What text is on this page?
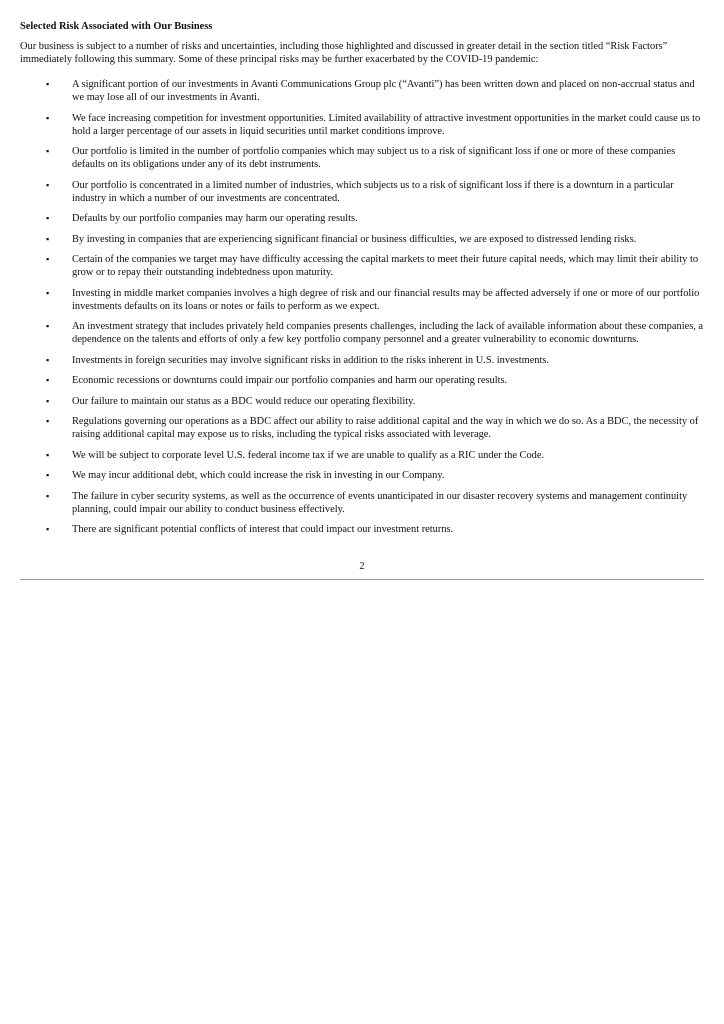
Selected Risk Associated with Our Business

Our business is subject to a number of risks and uncertainties, including those highlighted and discussed in greater detail in the section titled “Risk Factors” immediately following this summary. Some of these principal risks may be further exacerbated by the COVID-19 pandemic:

▪ A significant portion of our investments in Avanti Communications Group plc (“Avanti”) has been written down and placed on non-accrual status and we may lose all of our investments in Avanti.
▪ We face increasing competition for investment opportunities. Limited availability of attractive investment opportunities in the market could cause us to hold a larger percentage of our assets in liquid securities until market conditions improve.
▪ Our portfolio is limited in the number of portfolio companies which may subject us to a risk of significant loss if one or more of these companies defaults on its obligations under any of its debt instruments.
▪ Our portfolio is concentrated in a limited number of industries, which subjects us to a risk of significant loss if there is a downturn in a particular industry in which a number of our investments are concentrated.
▪ Defaults by our portfolio companies may harm our operating results.
▪ By investing in companies that are experiencing significant financial or business difficulties, we are exposed to distressed lending risks.
▪ Certain of the companies we target may have difficulty accessing the capital markets to meet their future capital needs, which may limit their ability to grow or to repay their outstanding indebtedness upon maturity.
▪ Investing in middle market companies involves a high degree of risk and our financial results may be affected adversely if one or more of our portfolio investments defaults on its loans or notes or fails to perform as we expect.
▪ An investment strategy that includes privately held companies presents challenges, including the lack of available information about these companies, a dependence on the talents and efforts of only a few key portfolio company personnel and a greater vulnerability to economic downturns.
▪ Investments in foreign securities may involve significant risks in addition to the risks inherent in U.S. investments.
▪ Economic recessions or downturns could impair our portfolio companies and harm our operating results.
▪ Our failure to maintain our status as a BDC would reduce our operating flexibility.
▪ Regulations governing our operations as a BDC affect our ability to raise additional capital and the way in which we do so. As a BDC, the necessity of raising additional capital may expose us to risks, including the typical risks associated with leverage.
▪ We will be subject to corporate level U.S. federal income tax if we are unable to qualify as a RIC under the Code.
▪ We may incur additional debt, which could increase the risk in investing in our Company.
▪ The failure in cyber security systems, as well as the occurrence of events unanticipated in our disaster recovery systems and management continuity planning, could impair our ability to conduct business effectively.
▪ There are significant potential conflicts of interest that could impact our investment returns.
2
